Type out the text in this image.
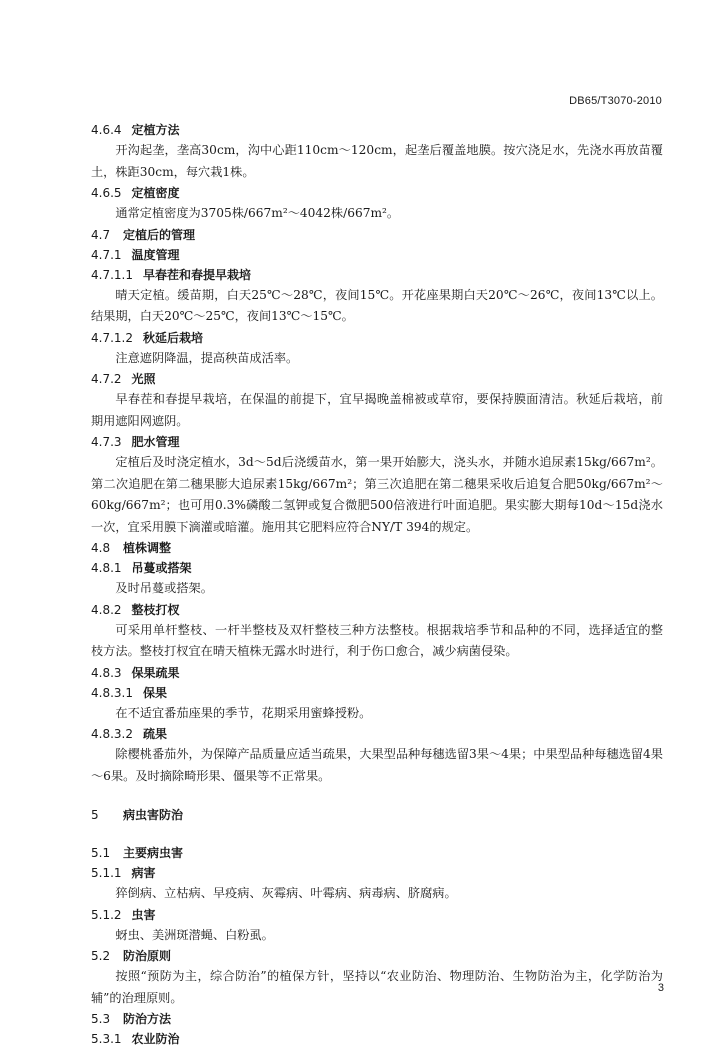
DB65/T3070-2010
4.6.4 定植方法

开沟起垄，垄高30cm，沟中心距110cm～120cm，起垄后覆盖地膜。按穴浇足水，先浇水再放苗覆土，株距30cm，每穴栽1株。

4.6.5 定植密度

通常定植密度为3705株/667m²～4042株/667m²。

4.7 定植后的管理
4.7.1 温度管理
4.7.1.1 早春茬和春提早栽培

晴天定植。缓苗期，白天25℃～28℃，夜间15℃。开花座果期白天20℃～26℃，夜间13℃以上。结果期，白天20℃～25℃，夜间13℃～15℃。

4.7.1.2 秋延后栽培

注意遮阴降温，提高秧苗成活率。

4.7.2 光照

早春茬和春提早栽培，在保温的前提下，宜早揭晚盖棉被或草帘，要保持膜面清洁。秋延后栽培，前期用遮阳网遮阴。

4.7.3 肥水管理

定植后及时浇定植水，3d～5d后浇缓苗水，第一果开始膨大，浇头水，并随水追尿素15kg/667m²。第二次追肥在第二穗果膨大追尿素15kg/667m²；第三次追肥在第二穗果采收后追复合肥50kg/667m²～60kg/667m²；也可用0.3%磷酸二氢钾或复合微肥500倍液进行叶面追肥。果实膨大期每10d～15d浇水一次，宜采用膜下滴灌或暗灌。施用其它肥料应符合NY/T 394的规定。

4.8 植株调整
4.8.1 吊蔓或搭架

及时吊蔓或搭架。

4.8.2 整枝打杈

可采用单杆整枝、一杆半整枝及双杆整枝三种方法整枝。根据栽培季节和品种的不同，选择适宜的整枝方法。整枝打杈宜在晴天植株无露水时进行，利于伤口愈合，减少病菌侵染。

4.8.3 保果疏果
4.8.3.1 保果

在不适宜番茄座果的季节，花期采用蜜蜂授粉。

4.8.3.2 疏果

除樱桃番茄外，为保障产品质量应适当疏果，大果型品种每穗选留3果～4果；中果型品种每穗选留4果～6果。及时摘除畸形果、僵果等不正常果。

5 病虫害防治
5.1 主要病虫害
5.1.1 病害

猝倒病、立枯病、早疫病、灰霉病、叶霉病、病毒病、脐腐病。

5.1.2 虫害

蚜虫、美洲斑潜蝇、白粉虱。

5.2 防治原则

按照“预防为主，综合防治”的植保方针，坚持以“农业防治、物理防治、生物防治为主，化学防治为辅”的治理原则。

5.3 防治方法
5.3.1 农业防治
3
